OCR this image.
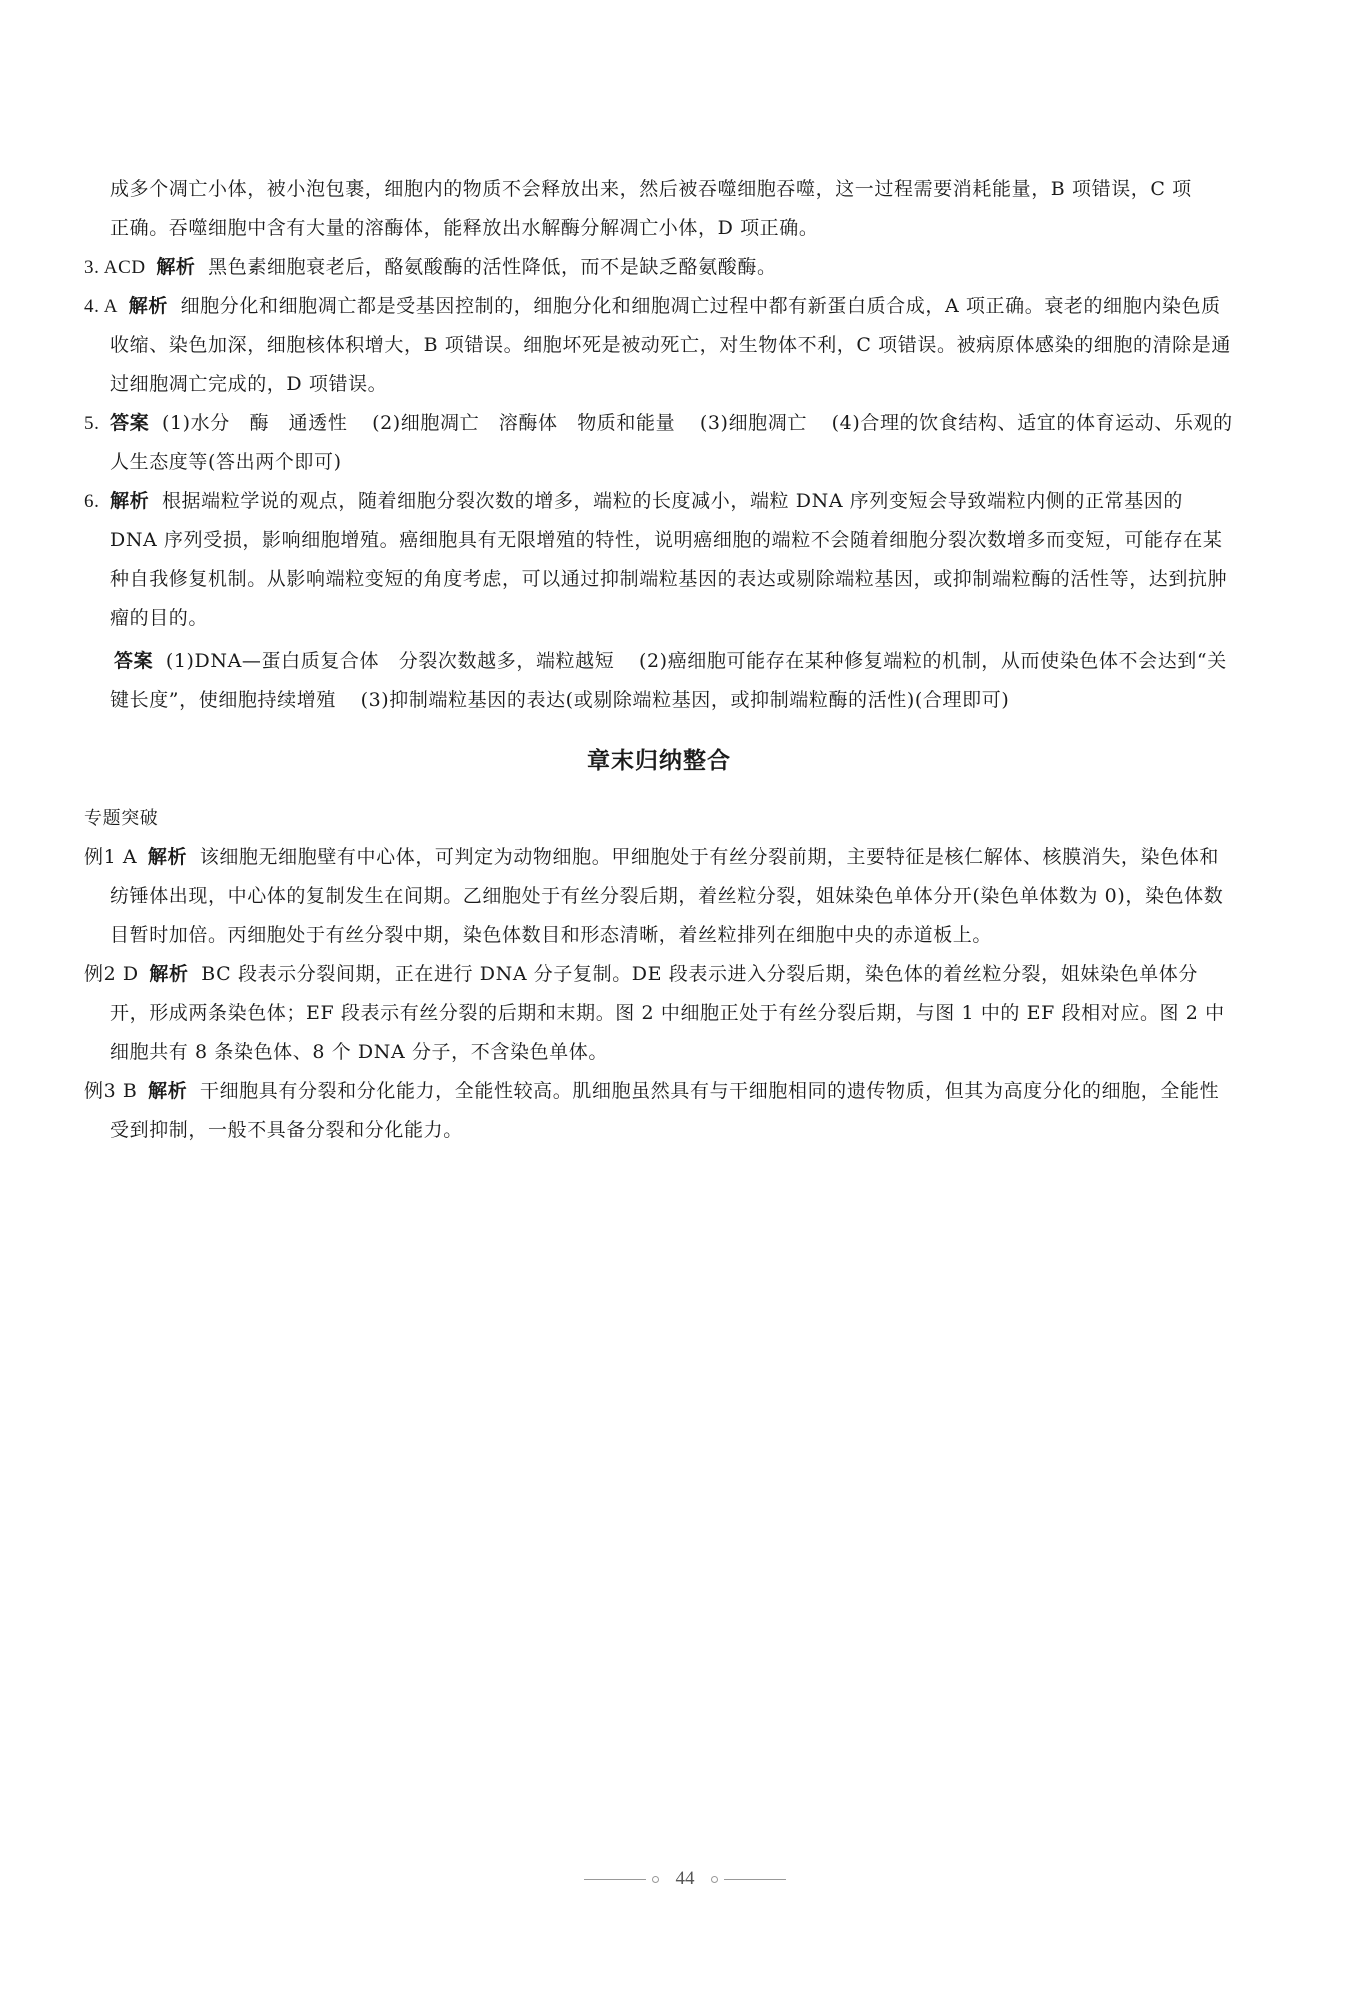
成多个凋亡小体，被小泡包裹，细胞内的物质不会释放出来，然后被吞噬细胞吞噬，这一过程需要消耗能量，B 项错误，C 项
正确。吞噬细胞中含有大量的溶酶体，能释放出水解酶分解凋亡小体，D 项正确。

3. ACD 解析 黑色素细胞衰老后，酪氨酸酶的活性降低，而不是缺乏酪氨酸酶。

4. A 解析 细胞分化和细胞凋亡都是受基因控制的，细胞分化和细胞凋亡过程中都有新蛋白质合成，A 项正确。衰老的细胞内染色质收缩、染色加深，细胞核体积增大，B 项错误。细胞坏死是被动死亡，对生物体不利，C 项错误。被病原体感染的细胞的清除是通过细胞凋亡完成的，D 项错误。

5. 答案 (1)水分　酶　通透性 (2)细胞凋亡　溶酶体　物质和能量 (3)细胞凋亡 (4)合理的饮食结构、适宜的体育运动、乐观的人生态度等(答出两个即可)

6. 解析 根据端粒学说的观点，随着细胞分裂次数的增多，端粒的长度减小，端粒 DNA 序列变短会导致端粒内侧的正常基因的 DNA 序列受损，影响细胞增殖。癌细胞具有无限增殖的特性，说明癌细胞的端粒不会随着细胞分裂次数增多而变短，可能存在某种自我修复机制。从影响端粒变短的角度考虑，可以通过抑制端粒基因的表达或剔除端粒基因，或抑制端粒酶的活性等，达到抗肿瘤的目的。

答案 (1)DNA—蛋白质复合体　分裂次数越多，端粒越短 (2)癌细胞可能存在某种修复端粒的机制，从而使染色体不会达到“关键长度”，使细胞持续增殖 (3)抑制端粒基因的表达(或剔除端粒基因，或抑制端粒酶的活性)(合理即可)

章末归纳整合

专题突破

例1 A 解析 该细胞无细胞壁有中心体，可判定为动物细胞。甲细胞处于有丝分裂前期，主要特征是核仁解体、核膜消失，染色体和纺锤体出现，中心体的复制发生在间期。乙细胞处于有丝分裂后期，着丝粒分裂，姐妹染色单体分开(染色单体数为 0)，染色体数目暂时加倍。丙细胞处于有丝分裂中期，染色体数目和形态清晰，着丝粒排列在细胞中央的赤道板上。

例2 D 解析 BC 段表示分裂间期，正在进行 DNA 分子复制。DE 段表示进入分裂后期，染色体的着丝粒分裂，姐妹染色单体分开，形成两条染色体；EF 段表示有丝分裂的后期和末期。图 2 中细胞正处于有丝分裂后期，与图 1 中的 EF 段相对应。图 2 中细胞共有 8 条染色体、8 个 DNA 分子，不含染色单体。

例3 B 解析 干细胞具有分裂和分化能力，全能性较高。肌细胞虽然具有与干细胞相同的遗传物质，但其为高度分化的细胞，全能性受到抑制，一般不具备分裂和分化能力。

44
